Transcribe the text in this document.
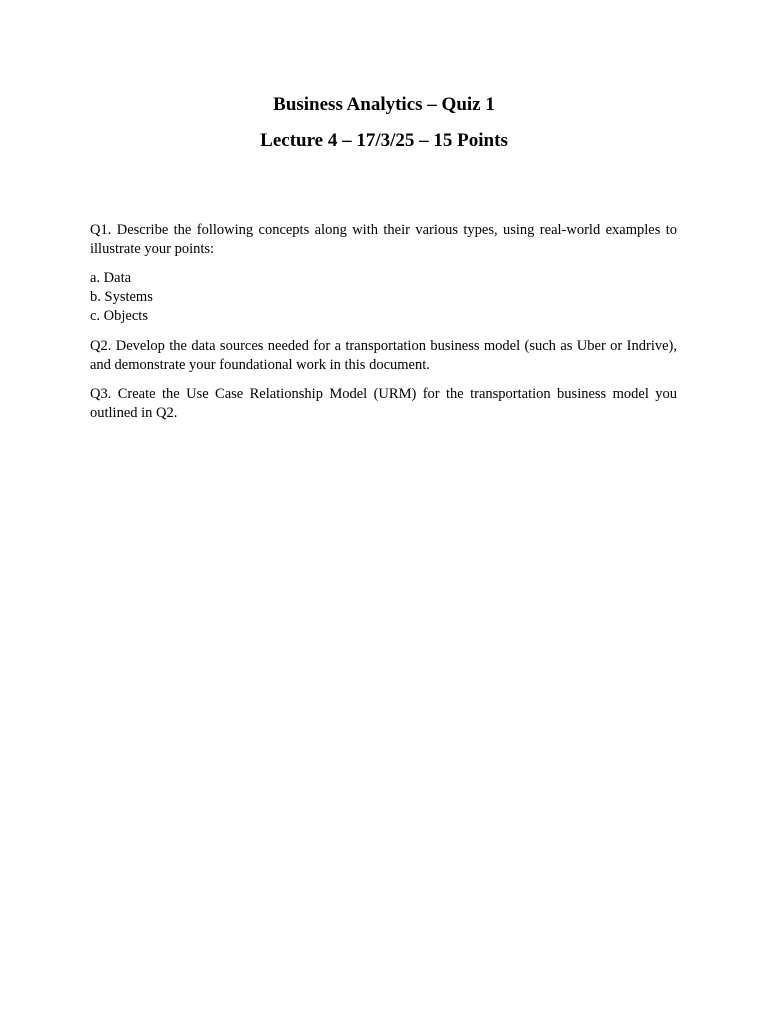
Business Analytics – Quiz 1
Lecture 4 – 17/3/25 – 15 Points

Q1. Describe the following concepts along with their various types, using real-world examples to illustrate your points:

a. Data
b. Systems
c. Objects

Q2. Develop the data sources needed for a transportation business model (such as Uber or Indrive), and demonstrate your foundational work in this document.

Q3. Create the Use Case Relationship Model (URM) for the transportation business model you outlined in Q2.
